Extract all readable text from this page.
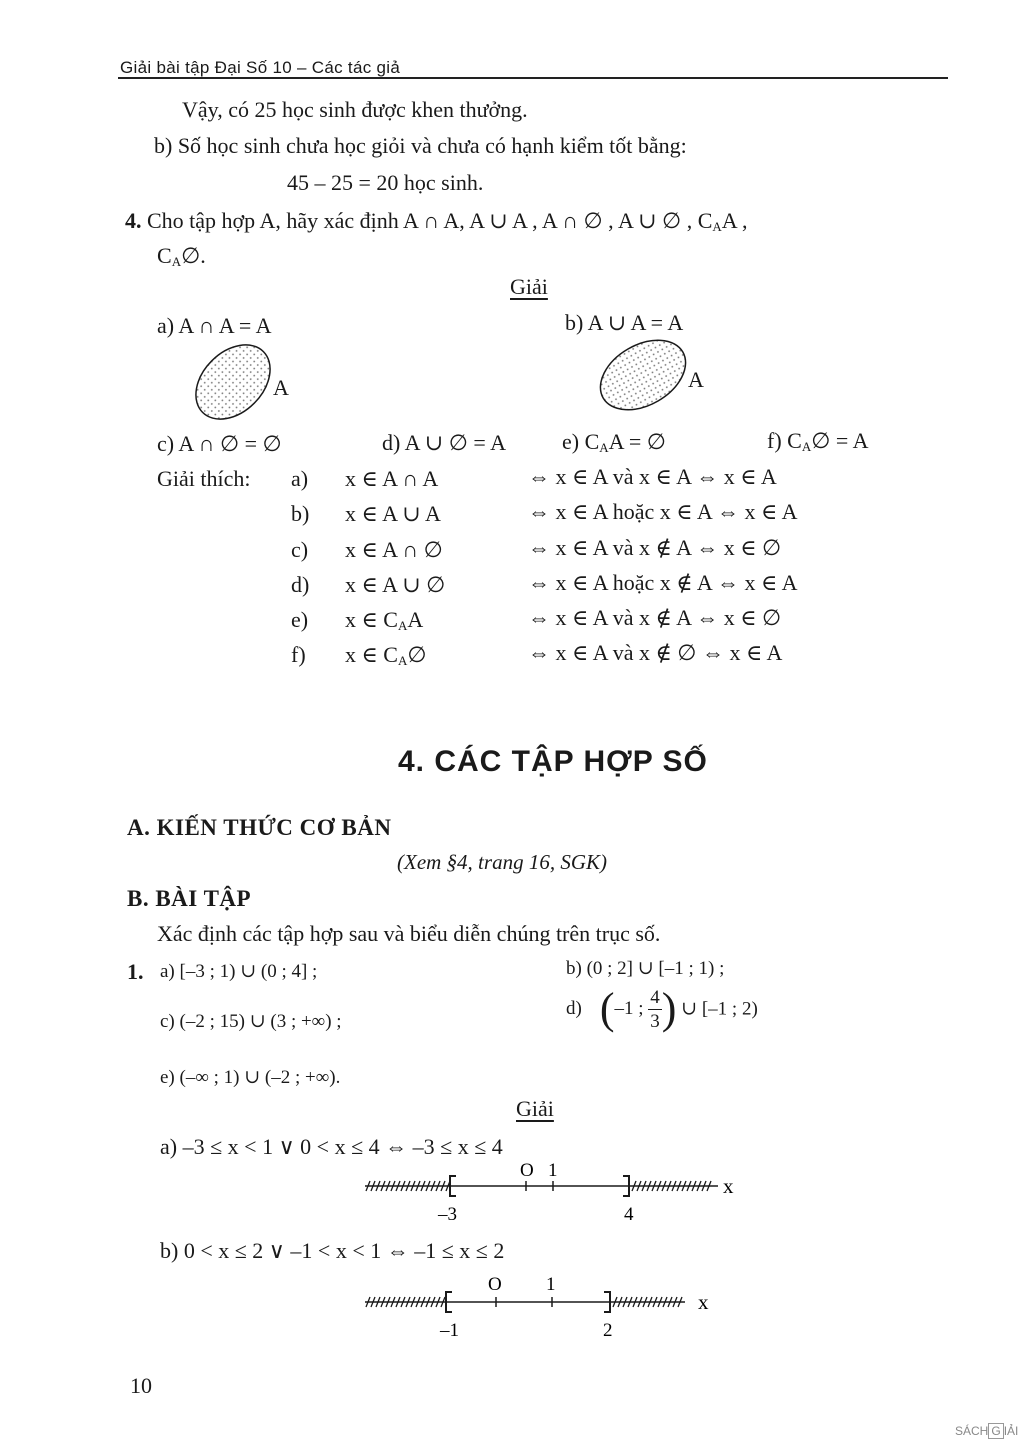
Giải bài tập Đại Số 10 – Các tác giả
Vậy, có 25 học sinh được khen thưởng.
b) Số học sinh chưa học giỏi và chưa có hạnh kiểm tốt bằng:
45 – 25 = 20 học sinh.
4. Cho tập hợp A, hãy xác định A ∩ A, A ∪ A , A ∩ ∅ , A ∪ ∅ , $C_AA$ ,
$C_A\emptyset$.
Giải
a) A ∩ A = A	b) A ∪ A = A
A	A
c) A ∩ ∅ = ∅	d) A ∪ ∅ = A	e) $C_AA$ = ∅	f) $C_A\emptyset = A$
Giải thích: a) x ∈ A ∩ A	⇔ x ∈ A và x ∈ A ⇔ x ∈ A
b) x ∈ A ∪ A	⇔ x ∈ A hoặc x ∈ A ⇔ x ∈ A
c) x ∈ A ∩ ∅	⇔ x ∈ A và x ∉ A ⇔ x ∈ ∅
d) x ∈ A ∪ ∅	⇔ x ∈ A hoặc x ∉ A ⇔ x ∈ A
e) x ∈ $C_AA$	⇔ x ∈ A và x ∉ A ⇔ x ∈ ∅
f) x ∈ $C_A\emptyset$	⇔ x ∈ A và x ∉ ∅ ⇔ x ∈ A
4. CÁC TẬP HỢP SỐ
A. KIẾN THỨC CƠ BẢN
(Xem §4, trang 16, SGK)
B. BÀI TẬP
Xác định các tập hợp sau và biểu diễn chúng trên trục số.
1. a) [–3 ; 1) ∪ (0 ; 4] ;	b) (0 ; 2] ∪ [–1 ; 1) ;
c) (–2 ; 15) ∪ (3 ; +∞) ;
d) (–1 ; $\frac{4}{3}$ ) ∪ [–1 ; 2)
e) (–∞ ; 1) ∪ (–2 ; +∞).
Giải
a) –3 ≤ x < 1 ∨ 0 < x ≤ 4 ⇔ –3 ≤ x ≤ 4
O 1
–3	4
x
b) 0 < x ≤ 2 ∨ –1 < x < 1 ⇔ –1 ≤ x ≤ 2
O 1
–1	2
x
10
SÁCH G IẢI
